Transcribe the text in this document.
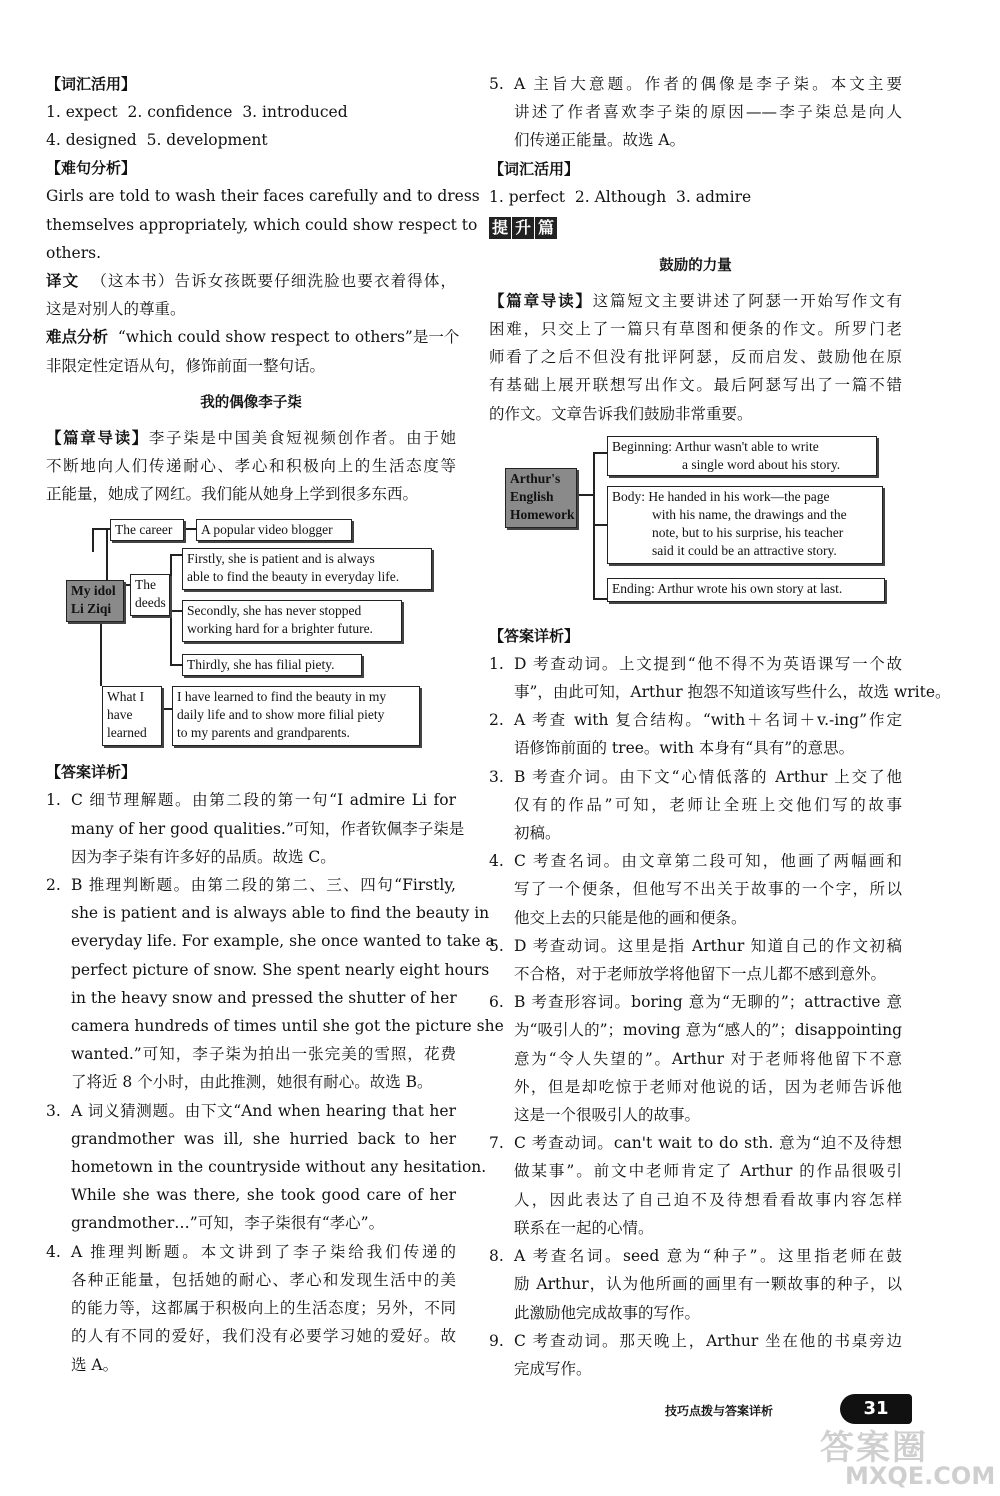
【词汇活用】
1. expect  2. confidence  3. introduced
4. designed  5. development
【难句分析】
Girls are told to wash their faces carefully and to dress
themselves appropriately, which could show respect to
others.
译文 （这本书）告诉女孩既要仔细洗脸也要衣着得体，
这是对别人的尊重。
难点分析 “which could show respect to others”是一个
非限定性定语从句，修饰前面一整句话。
我的偶像李子柒
【篇章导读】李子柒是中国美食短视频创作者。由于她
不断地向人们传递耐心、孝心和积极向上的生活态度等
正能量，她成了网红。我们能从她身上学到很多东西。
My idol
Li Ziqi
The career	A popular video blogger
The
deeds
Firstly, she is patient and is always
able to find the beauty in everyday life.
Secondly, she has never stopped
working hard for a brighter future.
Thirdly, she has filial piety.
What I
have
learned
I have learned to find the beauty in my
daily life and to show more filial piety
to my parents and grandparents.
【答案详析】
1. C 细节理解题。由第二段的第一句“I admire Li for
many of her good qualities.”可知，作者钦佩李子柒是
因为李子柒有许多好的品质。故选 C。
2. B 推理判断题。由第二段的第二、三、四句“Firstly,
she is patient and is always able to find the beauty in
everyday life. For example, she once wanted to take a
perfect picture of snow. She spent nearly eight hours
in the heavy snow and pressed the shutter of her
camera hundreds of times until she got the picture she
wanted.”可知，李子柒为拍出一张完美的雪照，花费
了将近 8 个小时，由此推测，她很有耐心。故选 B。
3. A 词义猜测题。由下文“And when hearing that her
grandmother was ill, she hurried back to her
hometown in the countryside without any hesitation.
While she was there, she took good care of her
grandmother…”可知，李子柒很有“孝心”。
4. A 推理判断题。本文讲到了李子柒给我们传递的
各种正能量，包括她的耐心、孝心和发现生活中的美
的能力等，这都属于积极向上的生活态度；另外，不同
的人有不同的爱好，我们没有必要学习她的爱好。故
选 A。
5. A 主旨大意题。作者的偶像是李子柒。本文主要
讲述了作者喜欢李子柒的原因——李子柒总是向人
们传递正能量。故选 A。
【词汇活用】
1. perfect  2. Although  3. admire
提 升 篇
鼓励的力量
【篇章导读】这篇短文主要讲述了阿瑟一开始写作文有
困难，只交上了一篇只有草图和便条的作文。所罗门老
师看了之后不但没有批评阿瑟，反而启发、鼓励他在原
有基础上展开联想写出作文。最后阿瑟写出了一篇不错
的作文。文章告诉我们鼓励非常重要。
Arthur's
English
Homework
Beginning: Arthur wasn't able to write
a single word about his story.
Body: He handed in his work—the page
with his name, the drawings and the
note, but to his surprise, his teacher
said it could be an attractive story.
Ending: Arthur wrote his own story at last.
【答案详析】
1. D 考查动词。上文提到“他不得不为英语课写一个故
事”，由此可知，Arthur 抱怨不知道该写些什么，故选 write。
2. A 考查 with 复合结构。“with＋名词＋v.-ing”作定
语修饰前面的 tree。with 本身有“具有”的意思。
3. B 考查介词。由下文“心情低落的 Arthur 上交了他
仅有的作品”可知，老师让全班上交他们写的故事
初稿。
4. C 考查名词。由文章第二段可知，他画了两幅画和
写了一个便条，但他写不出关于故事的一个字，所以
他交上去的只能是他的画和便条。
5. D 考查动词。这里是指 Arthur 知道自己的作文初稿
不合格，对于老师放学将他留下一点儿都不感到意外。
6. B 考查形容词。boring 意为“无聊的”；attractive 意
为“吸引人的”；moving 意为“感人的”；disappointing
意为“令人失望的”。Arthur 对于老师将他留下不意
外，但是却吃惊于老师对他说的话，因为老师告诉他
这是一个很吸引人的故事。
7. C 考查动词。can't wait to do sth. 意为“迫不及待想
做某事”。前文中老师肯定了 Arthur 的作品很吸引
人，因此表达了自己迫不及待想看看故事内容怎样
联系在一起的心情。
8. A 考查名词。seed 意为“种子”。这里指老师在鼓
励 Arthur，认为他所画的画里有一颗故事的种子，以
此激励他完成故事的写作。
9. C 考查动词。那天晚上，Arthur 坐在他的书桌旁边
完成写作。
技巧点拨与答案详析	31
答案圈
MXQE.COM
